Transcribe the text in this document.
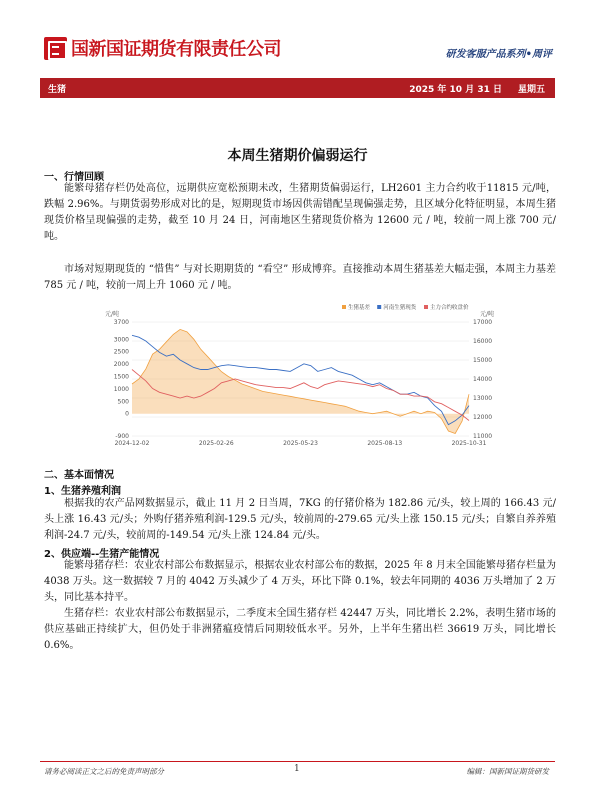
国新国证期货有限责任公司	研发客服产品系列•周评
生猪	2025 年 10 月 31 日 星期五
本周生猪期价偏弱运行
一、行情回顾
能繁母猪存栏仍处高位，远期供应宽松预期未改，生猪期货偏弱运行，LH2601 主力合约收于11815 元/吨，跌幅 2.96%。与期货弱势形成对比的是，短期现货市场因供需错配呈现偏强走势，且区域分化特征明显，本周生猪现货价格呈现偏强的走势，截至 10 月 24 日，河南地区生猪现货价格为 12600 元 / 吨，较前一周上涨 700 元/吨。
市场对短期现货的 “惜售” 与对长期期货的 “看空” 形成博弈。直接推动本周生猪基差大幅走强，本周主力基差 785 元 / 吨，较前一周上升 1060 元 / 吨。
生猪基差 河南生猪现货	主力合约收盘价
元/吨	元/吨
-900
0
500
1000
1500
2000
2500
3000
3700
11000
12000
13000
14000
15000
16000
17000
2024-12-02	2025-02-26	2025-05-23	2025-08-13	2025-10-31
二、基本面情况
1、生猪养殖利润
根据我的农产品网数据显示，截止 11 月 2 日当周，7KG 的仔猪价格为 182.86 元/头，较上周的 166.43 元/头上涨 16.43 元/头；外购仔猪养殖利润-129.5 元/头，较前周的-279.65 元/头上涨 150.15 元/头；自繁自养养殖利润-24.7 元/头，较前周的-149.54 元/头上涨 124.84 元/头。
2、供应端--生猪产能情况
能繁母猪存栏：农业农村部公布数据显示，根据农业农村部公布的数据，2025 年 8 月末全国能繁母猪存栏量为 4038 万头。这一数据较 7 月的 4042 万头减少了 4 万头，环比下降 0.1%，较去年同期的 4036 万头增加了 2 万头，同比基本持平。
生猪存栏：农业农村部公布数据显示，二季度末全国生猪存栏 42447 万头，同比增长 2.2%，表明生猪市场的供应基础正持续扩大，但仍处于非洲猪瘟疫情后同期较低水平。另外，上半年生猪出栏 36619 万头，同比增长 0.6%。
请务必阅读正文之后的免责声明部分	1	编辑：国新国证期货研发
